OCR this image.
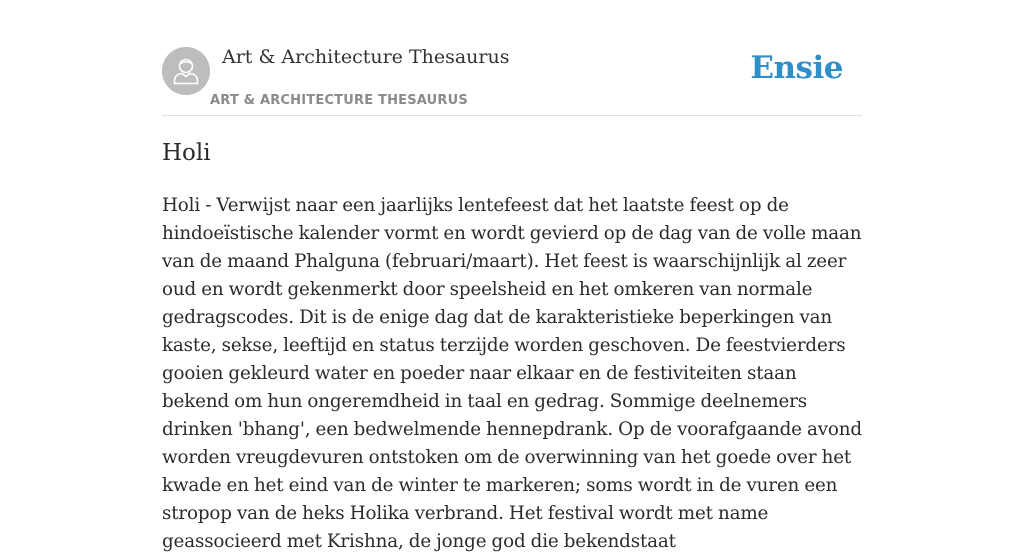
Art & Architecture Thesaurus
ART & ARCHITECTURE THESAURUS
Ensie
Holi

Holi - Verwijst naar een jaarlijks lentefeest dat het laatste feest op de hindoeïstische kalender vormt en wordt gevierd op de dag van de volle maan van de maand Phalguna (februari/maart). Het feest is waarschijnlijk al zeer oud en wordt gekenmerkt door speelsheid en het omkeren van normale gedragscodes. Dit is de enige dag dat de karakteristieke beperkingen van kaste, sekse, leeftijd en status terzijde worden geschoven. De feestvierders gooien gekleurd water en poeder naar elkaar en de festiviteiten staan bekend om hun ongeremdheid in taal en gedrag. Sommige deelnemers drinken 'bhang', een bedwelmende hennepdrank. Op de voorafgaande avond worden vreugdevuren ontstoken om de overwinning van het goede over het kwade en het eind van de winter te markeren; soms wordt in de vuren een stropop van de heks Holika verbrand. Het festival wordt met name geassocieerd met Krishna, de jonge god die bekendstaat
